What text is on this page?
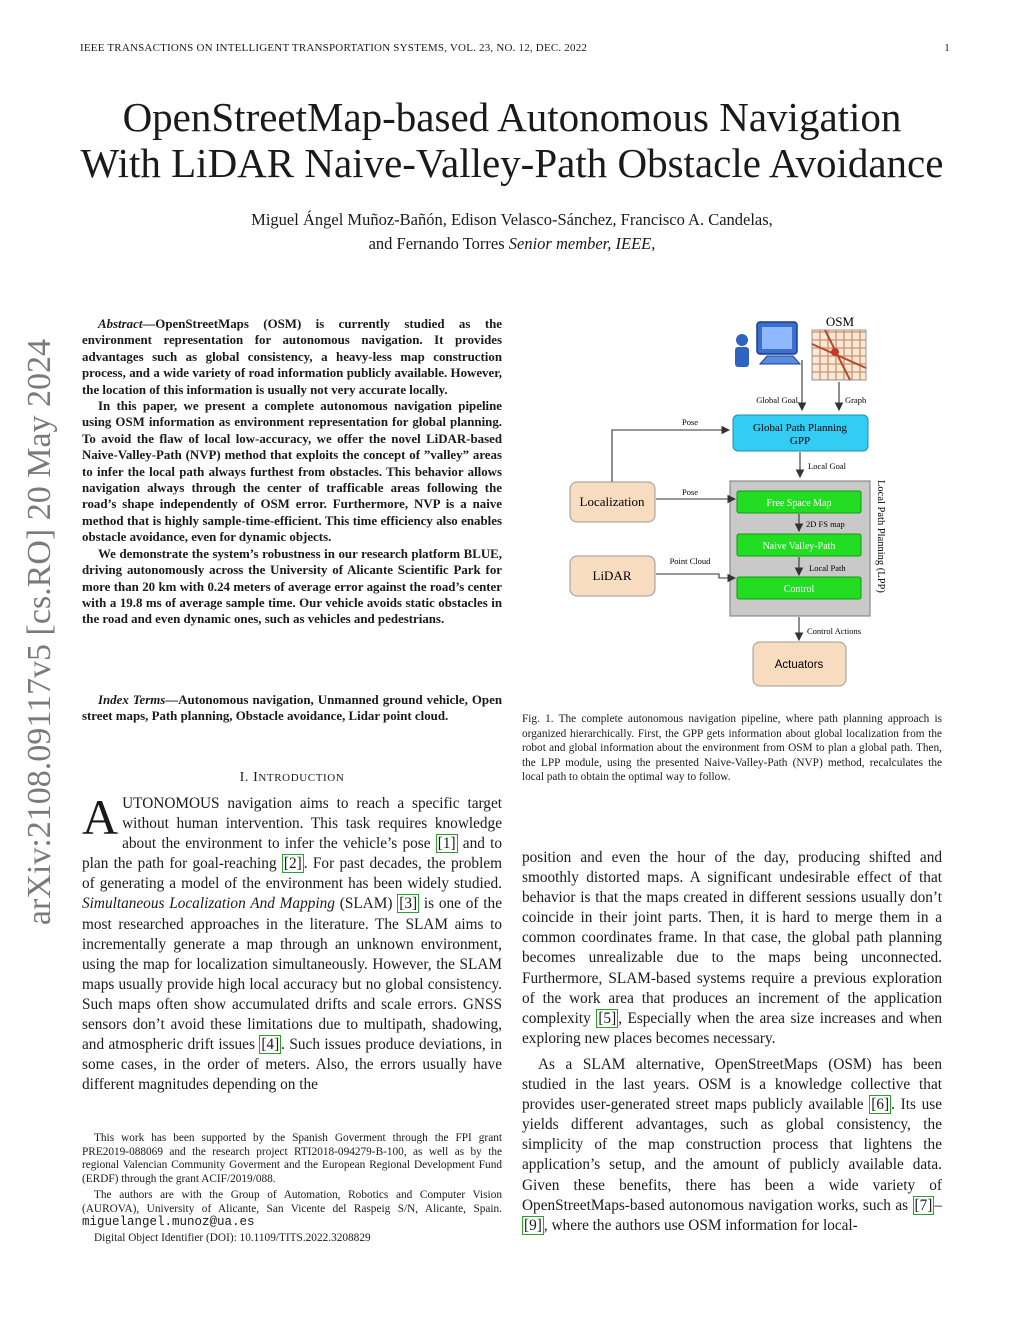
IEEE TRANSACTIONS ON INTELLIGENT TRANSPORTATION SYSTEMS, VOL. 23, NO. 12, DEC. 2022	1
arXiv:2108.09117v5 [cs.RO] 20 May 2024
OpenStreetMap-based Autonomous Navigation
With LiDAR Naive-Valley-Path Obstacle Avoidance
Miguel Ángel Muñoz-Bañón, Edison Velasco-Sánchez, Francisco A. Candelas,
and Fernando Torres Senior member, IEEE,

Abstract—OpenStreetMaps (OSM) is currently studied as the environment representation for autonomous navigation. It provides advantages such as global consistency, a heavy-less map construction process, and a wide variety of road information publicly available. However, the location of this information is usually not very accurate locally.

In this paper, we present a complete autonomous navigation pipeline using OSM information as environment representation for global planning. To avoid the flaw of local low-accuracy, we offer the novel LiDAR-based Naive-Valley-Path (NVP) method that exploits the concept of ”valley” areas to infer the local path always furthest from obstacles. This behavior allows navigation always through the center of trafficable areas following the road’s shape independently of OSM error. Furthermore, NVP is a naive method that is highly sample-time-efficient. This time efficiency also enables obstacle avoidance, even for dynamic objects.

We demonstrate the system’s robustness in our research platform BLUE, driving autonomously across the University of Alicante Scientific Park for more than 20 km with 0.24 meters of average error against the road’s center with a 19.8 ms of average sample time. Our vehicle avoids static obstacles in the road and even dynamic ones, such as vehicles and pedestrians.

Index Terms—Autonomous navigation, Unmanned ground vehicle, Open street maps, Path planning, Obstacle avoidance, Lidar point cloud.

I. INTRODUCTION

AUTONOMOUS navigation aims to reach a specific target without human intervention. This task requires knowledge about the environment to infer the vehicle’s pose [1] and to plan the path for goal-reaching [2] . For past decades, the problem of generating a model of the environment has been widely studied. Simultaneous Localization And Mapping (SLAM) [3] is one of the most researched approaches in the literature. The SLAM aims to incrementally generate a map through an unknown environment, using the map for localization simultaneously. However, the SLAM maps usually provide high local accuracy but no global consistency. Such maps often show accumulated drifts and scale errors. GNSS sensors don’t avoid these limitations due to multipath, shadowing, and atmospheric drift issues [4] . Such issues produce deviations, in some cases, in the order of meters. Also, the errors usually have different magnitudes depending on the

This work has been supported by the Spanish Goverment through the FPI grant PRE2019-088069 and the research project RTI2018-094279-B-100, as well as by the regional Valencian Community Goverment and the European Regional Development Fund (ERDF) through the grant ACIF/2019/088.

The authors are with the Group of Automation, Robotics and Computer Vision (AUROVA), University of Alicante, San Vicente del Raspeig S/N, Alicante, Spain. miguelangel.munoz@ua.es

Digital Object Identifier (DOI): 10.1109/TITS.2022.3208829

OSM
Global Goal	Graph
Global Path Planning
GPP
Pose
Local Goal
Local Path Planning (LPP)
Free Space Map
2D FS map
Naive Valley-Path
Local Path
Control
Localization
Pose
LiDAR
Point Cloud
Control Actions
Actuators
Fig. 1. The complete autonomous navigation pipeline, where path planning approach is organized hierarchically. First, the GPP gets information about global localization from the robot and global information about the environment from OSM to plan a global path. Then, the LPP module, using the presented Naive-Valley-Path (NVP) method, recalculates the local path to obtain the optimal way to follow.

position and even the hour of the day, producing shifted and smoothly distorted maps. A significant undesirable effect of that behavior is that the maps created in different sessions usually don’t coincide in their joint parts. Then, it is hard to merge them in a common coordinates frame. In that case, the global path planning becomes unrealizable due to the maps being unconnected. Furthermore, SLAM-based systems require a previous exploration of the work area that produces an increment of the application complexity [5] , Especially when the area size increases and when exploring new places becomes necessary.

As a SLAM alternative, OpenStreetMaps (OSM) has been studied in the last years. OSM is a knowledge collective that provides user-generated street maps publicly available [6] . Its use yields different advantages, such as global consistency, the simplicity of the map construction process that lightens the application’s setup, and the amount of publicly available data. Given these benefits, there has been a wide variety of OpenStreetMaps-based autonomous navigation works, such as [7] –[9] , where the authors use OSM information for local-
